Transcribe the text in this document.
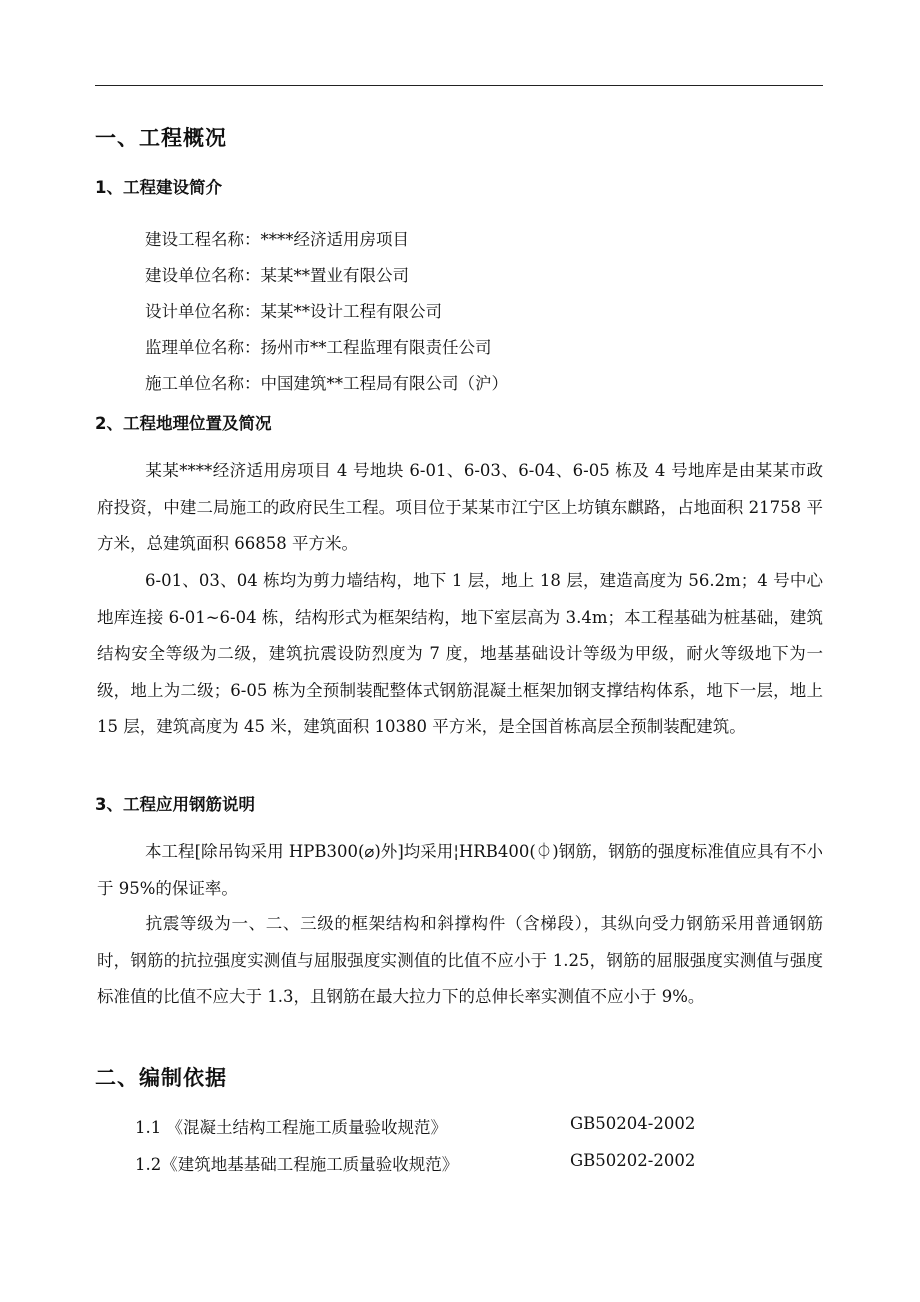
一、工程概况
1、工程建设简介
建设工程名称：****经济适用房项目
建设单位名称：某某**置业有限公司
设计单位名称：某某**设计工程有限公司
监理单位名称：扬州市**工程监理有限责任公司
施工单位名称：中国建筑**工程局有限公司（沪）
2、工程地理位置及简况
某某****经济适用房项目 4 号地块 6-01、6-03、6-04、6-05 栋及 4 号地库是由某某市政府投资，中建二局施工的政府民生工程。项目位于某某市江宁区上坊镇东麒路，占地面积 21758 平方米，总建筑面积 66858 平方米。
6-01、03、04 栋均为剪力墙结构，地下 1 层，地上 18 层，建造高度为 56.2m；4 号中心地库连接 6-01~6-04 栋，结构形式为框架结构，地下室层高为 3.4m；本工程基础为桩基础，建筑结构安全等级为二级，建筑抗震设防烈度为 7 度，地基基础设计等级为甲级，耐火等级地下为一级，地上为二级；6-05 栋为全预制装配整体式钢筋混凝土框架加钢支撑结构体系，地下一层，地上 15 层，建筑高度为 45 米，建筑面积 10380 平方米，是全国首栋高层全预制装配建筑。
3、工程应用钢筋说明
本工程[除吊钩采用 HPB300(⌀)外]均采用¦HRB400(⏀)钢筋，钢筋的强度标准值应具有不小于 95%的保证率。
抗震等级为一、二、三级的框架结构和斜撑构件（含梯段），其纵向受力钢筋采用普通钢筋时，钢筋的抗拉强度实测值与屈服强度实测值的比值不应小于 1.25，钢筋的屈服强度实测值与强度标准值的比值不应大于 1.3，且钢筋在最大拉力下的总伸长率实测值不应小于 9%。
二、编制依据
1.1 《混凝土结构工程施工质量验收规范》	GB50204-2002
1.2《建筑地基基础工程施工质量验收规范》	GB50202-2002
